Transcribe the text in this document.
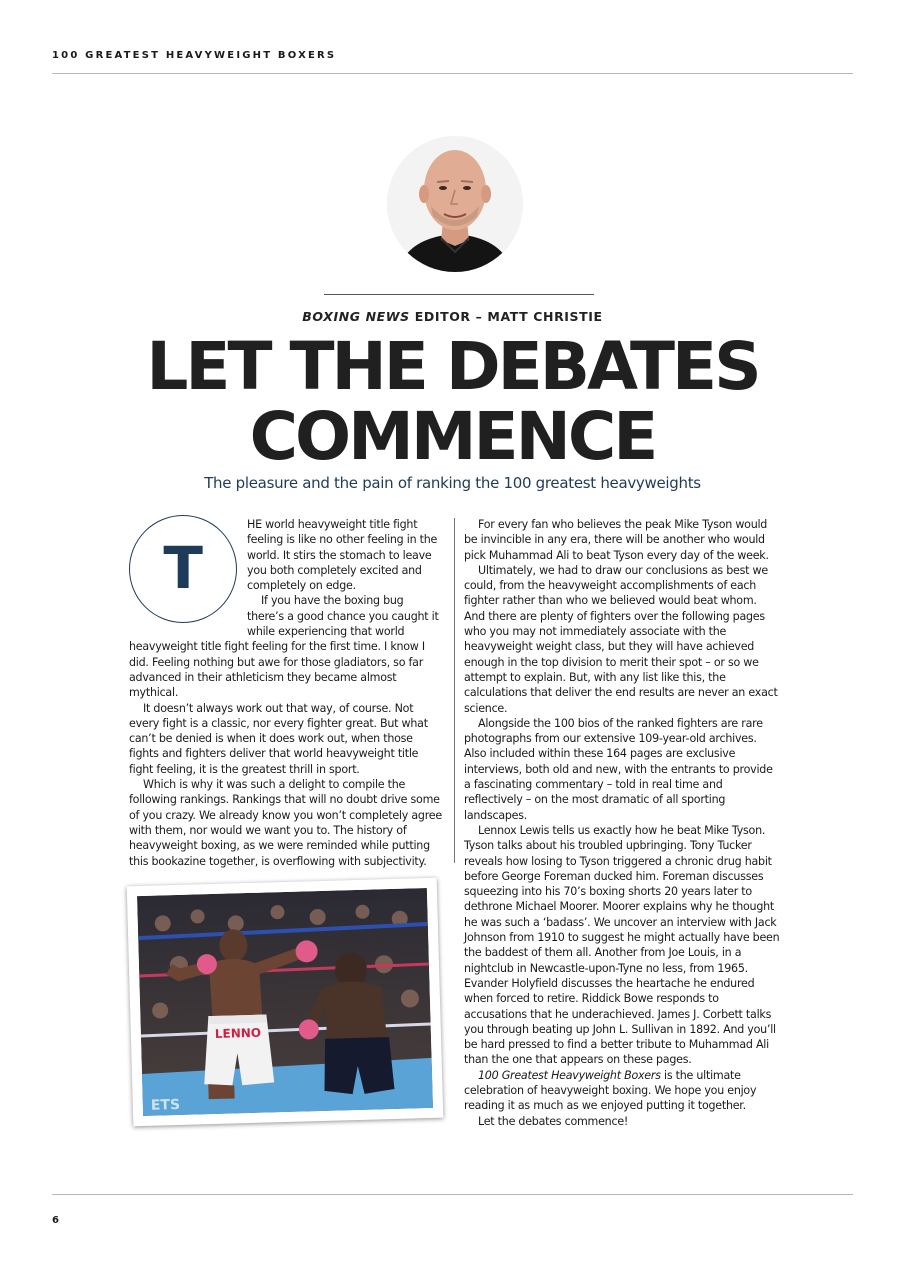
100 GREATEST HEAVYWEIGHT BOXERS
BOXING NEWS EDITOR – MATT CHRISTIE
LET THE DEBATES
COMMENCE
The pleasure and the pain of ranking the 100 greatest heavyweights
T

HE world heavyweight title fight feeling is like no other feeling in the world. It stirs the stomach to leave you both completely excited and completely on edge.

If you have the boxing bug there’s a good chance you caught it while experiencing that world heavyweight title fight feeling for the first time. I know I did. Feeling nothing but awe for those gladiators, so far advanced in their athleticism they became almost mythical.

It doesn’t always work out that way, of course. Not every fight is a classic, nor every fighter great. But what can’t be denied is when it does work out, when those fights and fighters deliver that world heavyweight title fight feeling, it is the greatest thrill in sport.

Which is why it was such a delight to compile the following rankings. Rankings that will no doubt drive some of you crazy. We already know you won’t completely agree with them, nor would we want you to. The history of heavyweight boxing, as we were reminded while putting this bookazine together, is overflowing with subjectivity.

For every fan who believes the peak Mike Tyson would be invincible in any era, there will be another who would pick Muhammad Ali to beat Tyson every day of the week.

Ultimately, we had to draw our conclusions as best we could, from the heavyweight accomplishments of each fighter rather than who we believed would beat whom. And there are plenty of fighters over the following pages who you may not immediately associate with the heavyweight weight class, but they will have achieved enough in the top division to merit their spot – or so we attempt to explain. But, with any list like this, the calculations that deliver the end results are never an exact science.

Alongside the 100 bios of the ranked fighters are rare photographs from our extensive 109-year-old archives. Also included within these 164 pages are exclusive interviews, both old and new, with the entrants to provide a fascinating commentary – told in real time and reflectively – on the most dramatic of all sporting landscapes.

Lennox Lewis tells us exactly how he beat Mike Tyson. Tyson talks about his troubled upbringing. Tony Tucker reveals how losing to Tyson triggered a chronic drug habit before George Foreman ducked him. Foreman discusses squeezing into his 70’s boxing shorts 20 years later to dethrone Michael Moorer. Moorer explains why he thought he was such a ‘badass’. We uncover an interview with Jack Johnson from 1910 to suggest he might actually have been the baddest of them all. Another from Joe Louis, in a nightclub in Newcastle-upon-Tyne no less, from 1965. Evander Holyfield discusses the heartache he endured when forced to retire. Riddick Bowe responds to accusations that he underachieved. James J. Corbett talks you through beating up John L. Sullivan in 1892. And you’ll be hard pressed to find a better tribute to Muhammad Ali than the one that appears on these pages.

100 Greatest Heavyweight Boxers is the ultimate celebration of heavyweight boxing. We hope you enjoy reading it as much as we enjoyed putting it together.

Let the debates commence!

LENNO
ETS
6
